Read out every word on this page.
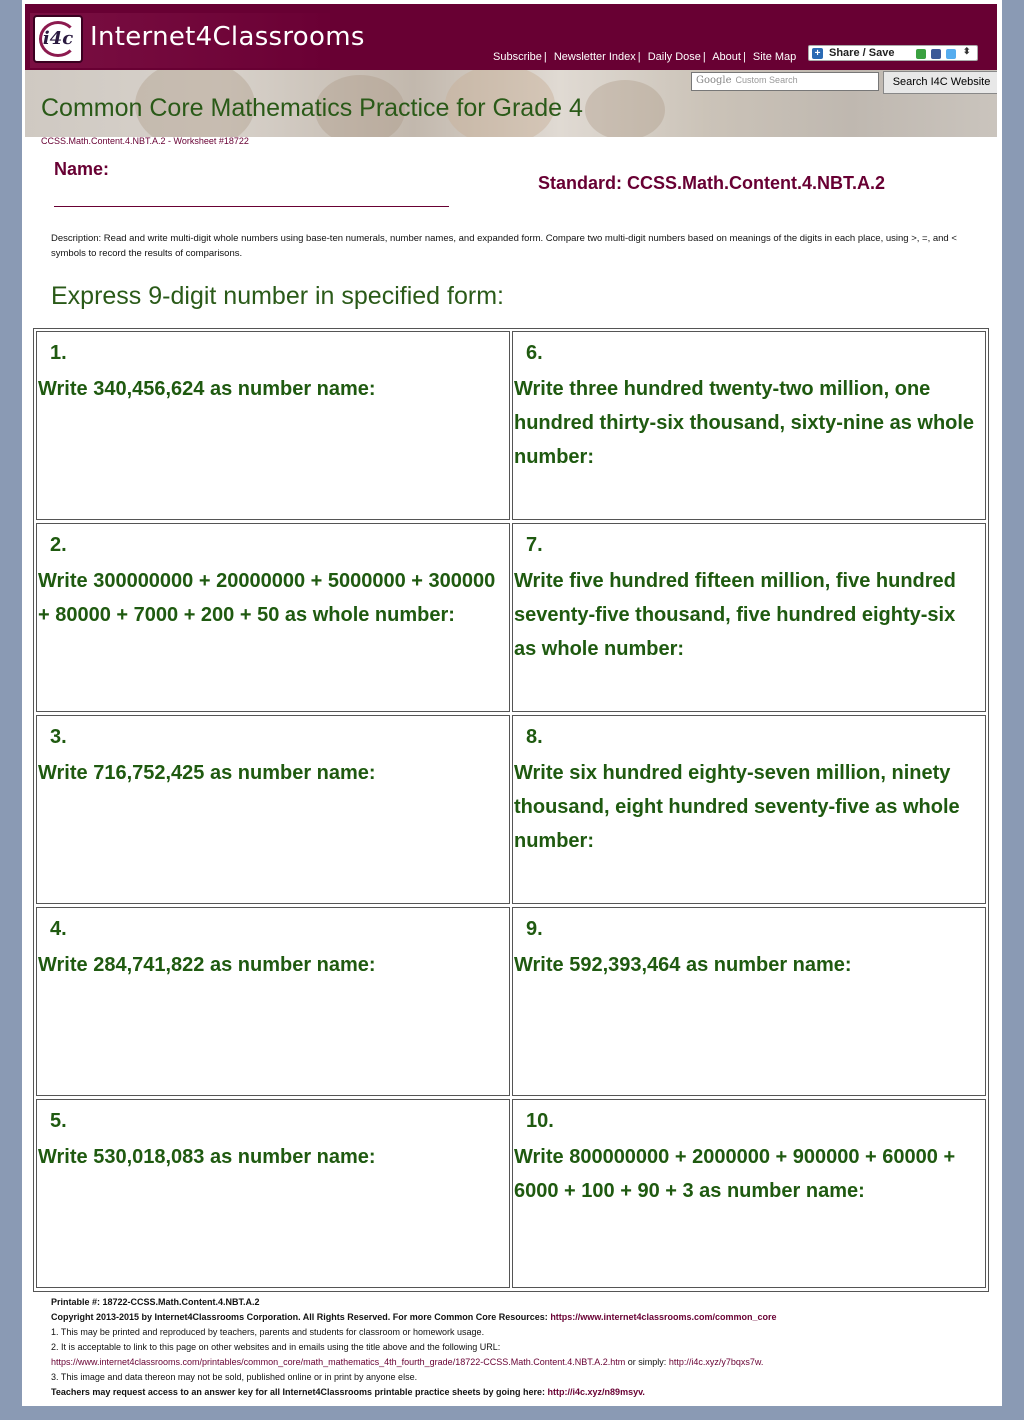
i4c Internet4Classrooms
Subscribe | Newsletter Index | Daily Dose | About | Site Map + Share / Save	⬍
Google Custom Search	Search I4C Website
Common Core Mathematics Practice for Grade 4
CCSS.Math.Content.4.NBT.A.2 - Worksheet #18722
Name:
Standard: CCSS.Math.Content.4.NBT.A.2
Description: Read and write multi-digit whole numbers using base-ten numerals, number names, and expanded form. Compare two multi-digit numbers based on meanings of the digits in each place, using >, =, and < symbols to record the results of comparisons.
Express 9-digit number in specified form:
1.
Write 340,456,624 as number name:
2.
Write 300000000 + 20000000 + 5000000 + 300000 + 80000 + 7000 + 200 + 50 as whole number:
3.
Write 716,752,425 as number name:
4.
Write 284,741,822 as number name:
5.
Write 530,018,083 as number name:
6.
Write three hundred twenty-two million, one hundred thirty-six thousand, sixty-nine as whole number:
7.
Write five hundred fifteen million, five hundred seventy-five thousand, five hundred eighty-six as whole number:
8.
Write six hundred eighty-seven million, ninety thousand, eight hundred seventy-five as whole number:
9.
Write 592,393,464 as number name:
10.
Write 800000000 + 2000000 + 900000 + 60000 + 6000 + 100 + 90 + 3 as number name:
Printable #: 18722-CCSS.Math.Content.4.NBT.A.2
Copyright 2013-2015 by Internet4Classrooms Corporation. All Rights Reserved. For more Common Core Resources: https://www.internet4classrooms.com/common_core
1. This may be printed and reproduced by teachers, parents and students for classroom or homework usage.
2. It is acceptable to link to this page on other websites and in emails using the title above and the following URL:
https://www.internet4classrooms.com/printables/common_core/math_mathematics_4th_fourth_grade/18722-CCSS.Math.Content.4.NBT.A.2.htm or simply: http://i4c.xyz/y7bqxs7w.
3. This image and data thereon may not be sold, published online or in print by anyone else.
Teachers may request access to an answer key for all Internet4Classrooms printable practice sheets by going here: http://i4c.xyz/n89msyv.
